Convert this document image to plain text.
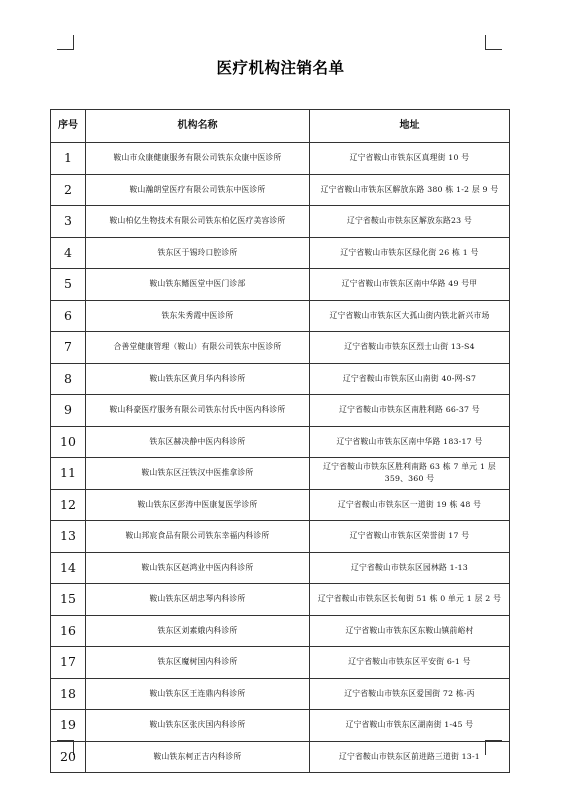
医疗机构注销名单
序号	机构名称	地址
1	鞍山市众康健康服务有限公司铁东众康中医诊所	辽宁省鞍山市铁东区真理街 10 号
2	鞍山瀚朗堂医疗有限公司铁东中医诊所	辽宁省鞍山市铁东区解放东路 380 栋 1-2 层 9 号
3	鞍山柏亿生物技术有限公司铁东柏亿医疗美容诊所	辽宁省鞍山市铁东区解放东路23 号
4	铁东区于锡玲口腔诊所	辽宁省鞍山市铁东区绿化街 26 栋 1 号
5	鞍山铁东鳍医堂中医门诊部	辽宁省鞍山市铁东区南中华路 49 号甲
6	铁东朱秀霞中医诊所	辽宁省鞍山市铁东区大孤山街内铁北新兴市场
7	合善堂健康管理（鞍山）有限公司铁东中医诊所	辽宁省鞍山市铁东区烈士山街 13-S4
8	鞍山铁东区黄月华内科诊所	辽宁省鞍山市铁东区山南街 40-网-S7
9	鞍山科豪医疗服务有限公司铁东付氏中医内科诊所	辽宁省鞍山市铁东区南胜利路 66-37 号
10	铁东区赫决静中医内科诊所	辽宁省鞍山市铁东区南中华路 183-17 号
11	鞍山铁东区汪铁汉中医推拿诊所	辽宁省鞍山市铁东区胜利南路 63 栋 7 单元 1 层 359、360 号
12	鞍山铁东区彭涛中医康复医学诊所	辽宁省鞍山市铁东区一道街 19 栋 48 号
13	鞍山邦宸食品有限公司铁东幸福内科诊所	辽宁省鞍山市铁东区荣誉街 17 号
14	鞍山铁东区赵鸿业中医内科诊所	辽宁省鞍山市铁东区园林路 1-13
15	鞍山铁东区胡忠琴内科诊所	辽宁省鞍山市铁东区长甸街 51 栋 0 单元 1 层 2 号
16	铁东区刘素娥内科诊所	辽宁省鞍山市铁东区东鞍山镇前峪村
17	铁东区魔树国内科诊所	辽宁省鞍山市铁东区平安街 6-1 号
18	鞍山铁东区王连鼎内科诊所	辽宁省鞍山市铁东区爱国街 72 栋-丙
19	鞍山铁东区张庆国内科诊所	辽宁省鞍山市铁东区湖南街 1-45 号
20	鞍山铁东柯正吉内科诊所	辽宁省鞍山市铁东区前进路三道街 13-1
